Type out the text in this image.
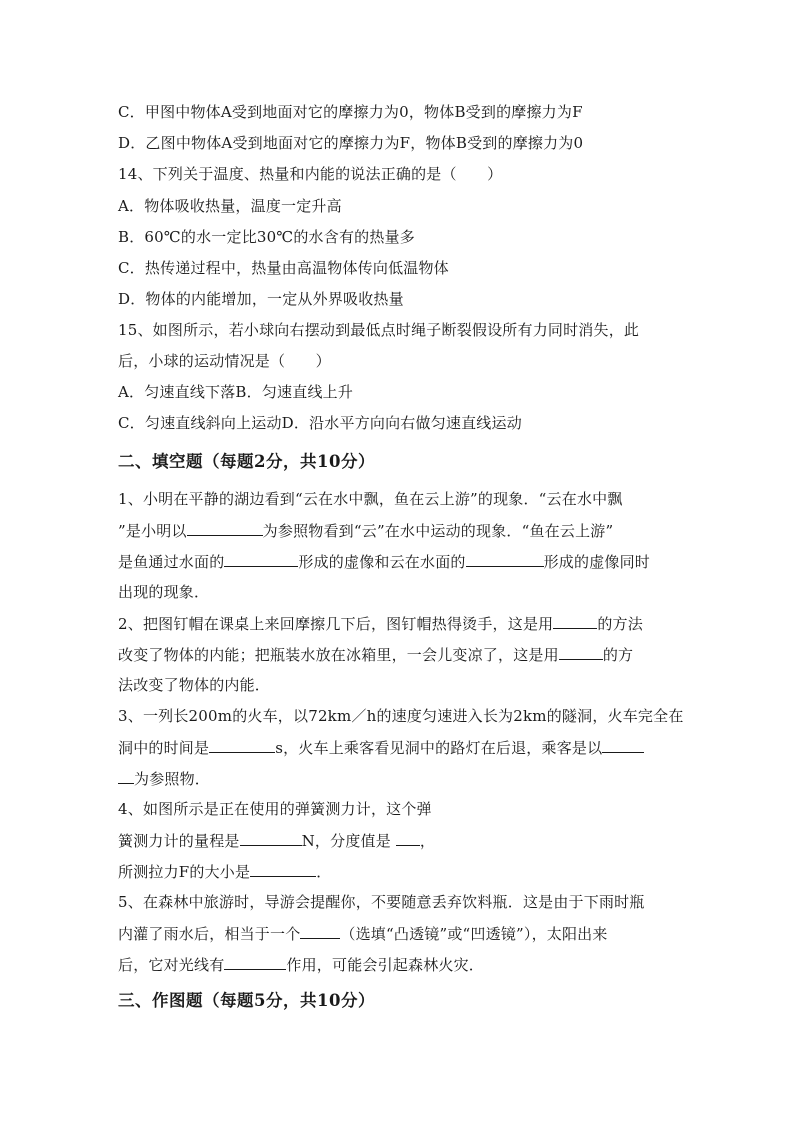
C．甲图中物体A受到地面对它的摩擦力为0，物体B受到的摩擦力为F
D．乙图中物体A受到地面对它的摩擦力为F，物体B受到的摩擦力为0
14、下列关于温度、热量和内能的说法正确的是（　　）
A．物体吸收热量，温度一定升高
B．60℃的水一定比30℃的水含有的热量多
C．热传递过程中，热量由高温物体传向低温物体
D．物体的内能增加，一定从外界吸收热量
15、如图所示，若小球向右摆动到最低点时绳子断裂假设所有力同时消失，此
后，小球的运动情况是（　　）
A．匀速直线下落B．匀速直线上升
C．匀速直线斜向上运动D．沿水平方向向右做匀速直线运动
二、填空题（每题2分，共10分）
1、小明在平静的湖边看到“云在水中飘，鱼在云上游”的现象．“云在水中飘
”是小明以	为参照物看到“云”在水中运动的现象．“鱼在云上游”
是鱼通过水面的	形成的虚像和云在水面的	形成的虚像同时
出现的现象．
2、把图钉帽在课桌上来回摩擦几下后，图钉帽热得烫手，这是用	的方法
改变了物体的内能；把瓶装水放在冰箱里，一会儿变凉了，这是用	的方
法改变了物体的内能．
3、一列长200m的火车，以72km／h的速度匀速进入长为2km的隧洞，火车完全在
洞中的时间是	s，火车上乘客看见洞中的路灯在后退，乘客是以
为参照物．
4、如图所示是正在使用的弹簧测力计，这个弹
簧测力计的量程是	N，分度值是 ，
所测拉力F的大小是	．
5、在森林中旅游时，导游会提醒你，不要随意丢弃饮料瓶．这是由于下雨时瓶
内灌了雨水后，相当于一个	（选填“凸透镜”或“凹透镜”），太阳出来
后，它对光线有	作用，可能会引起森林火灾．
三、作图题（每题5分，共10分）
